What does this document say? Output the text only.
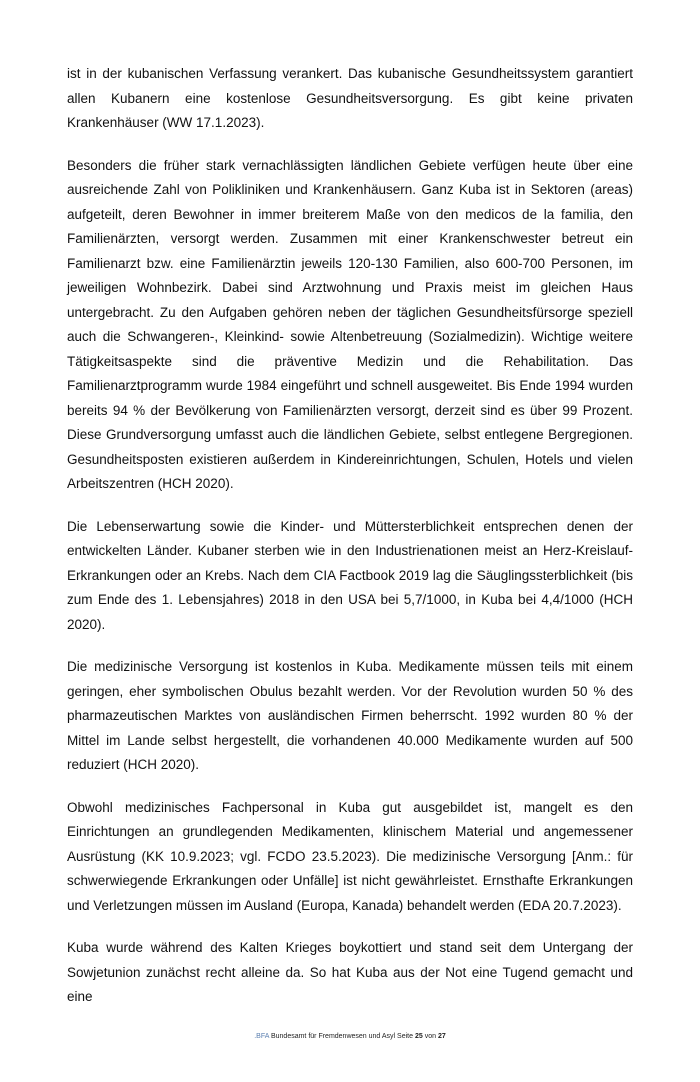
ist in der kubanischen Verfassung verankert. Das kubanische Gesundheitssystem garantiert allen Kubanern eine kostenlose Gesundheitsversorgung. Es gibt keine privaten Krankenhäuser (WW 17.1.2023).

Besonders die früher stark vernachlässigten ländlichen Gebiete verfügen heute über eine ausreichende Zahl von Polikliniken und Krankenhäusern. Ganz Kuba ist in Sektoren (areas) aufgeteilt, deren Bewohner in immer breiterem Maße von den medicos de la familia, den Familienärzten, versorgt werden. Zusammen mit einer Krankenschwester betreut ein Familienarzt bzw. eine Familienärztin jeweils 120-130 Familien, also 600-700 Personen, im jeweiligen Wohnbezirk. Dabei sind Arztwohnung und Praxis meist im gleichen Haus untergebracht. Zu den Aufgaben gehören neben der täglichen Gesundheitsfürsorge speziell auch die Schwangeren-, Kleinkind- sowie Altenbetreuung (Sozialmedizin). Wichtige weitere Tätigkeitsaspekte sind die präventive Medizin und die Rehabilitation. Das Familienarztprogramm wurde 1984 eingeführt und schnell ausgeweitet. Bis Ende 1994 wurden bereits 94 % der Bevölkerung von Familienärzten versorgt, derzeit sind es über 99 Prozent. Diese Grundversorgung umfasst auch die ländlichen Gebiete, selbst entlegene Bergregionen. Gesundheitsposten existieren außerdem in Kindereinrichtungen, Schulen, Hotels und vielen Arbeitszentren (HCH 2020).

Die Lebenserwartung sowie die Kinder- und Müttersterblichkeit entsprechen denen der entwickelten Länder. Kubaner sterben wie in den Industrienationen meist an Herz-Kreislauf-Erkrankungen oder an Krebs. Nach dem CIA Factbook 2019 lag die Säuglingssterblichkeit (bis zum Ende des 1. Lebensjahres) 2018 in den USA bei 5,7/1000, in Kuba bei 4,4/1000 (HCH 2020).

Die medizinische Versorgung ist kostenlos in Kuba. Medikamente müssen teils mit einem geringen, eher symbolischen Obulus bezahlt werden. Vor der Revolution wurden 50 % des pharmazeutischen Marktes von ausländischen Firmen beherrscht. 1992 wurden 80 % der Mittel im Lande selbst hergestellt, die vorhandenen 40.000 Medikamente wurden auf 500 reduziert (HCH 2020).

Obwohl medizinisches Fachpersonal in Kuba gut ausgebildet ist, mangelt es den Einrichtungen an grundlegenden Medikamenten, klinischem Material und angemessener Ausrüstung (KK 10.9.2023; vgl. FCDO 23.5.2023). Die medizinische Versorgung [Anm.: für schwerwiegende Erkrankungen oder Unfälle] ist nicht gewährleistet. Ernsthafte Erkrankungen und Verletzungen müssen im Ausland (Europa, Kanada) behandelt werden (EDA 20.7.2023).

Kuba wurde während des Kalten Krieges boykottiert und stand seit dem Untergang der Sowjetunion zunächst recht alleine da. So hat Kuba aus der Not eine Tugend gemacht und eine

.BFA Bundesamt für Fremdenwesen und Asyl Seite 25 von 27
